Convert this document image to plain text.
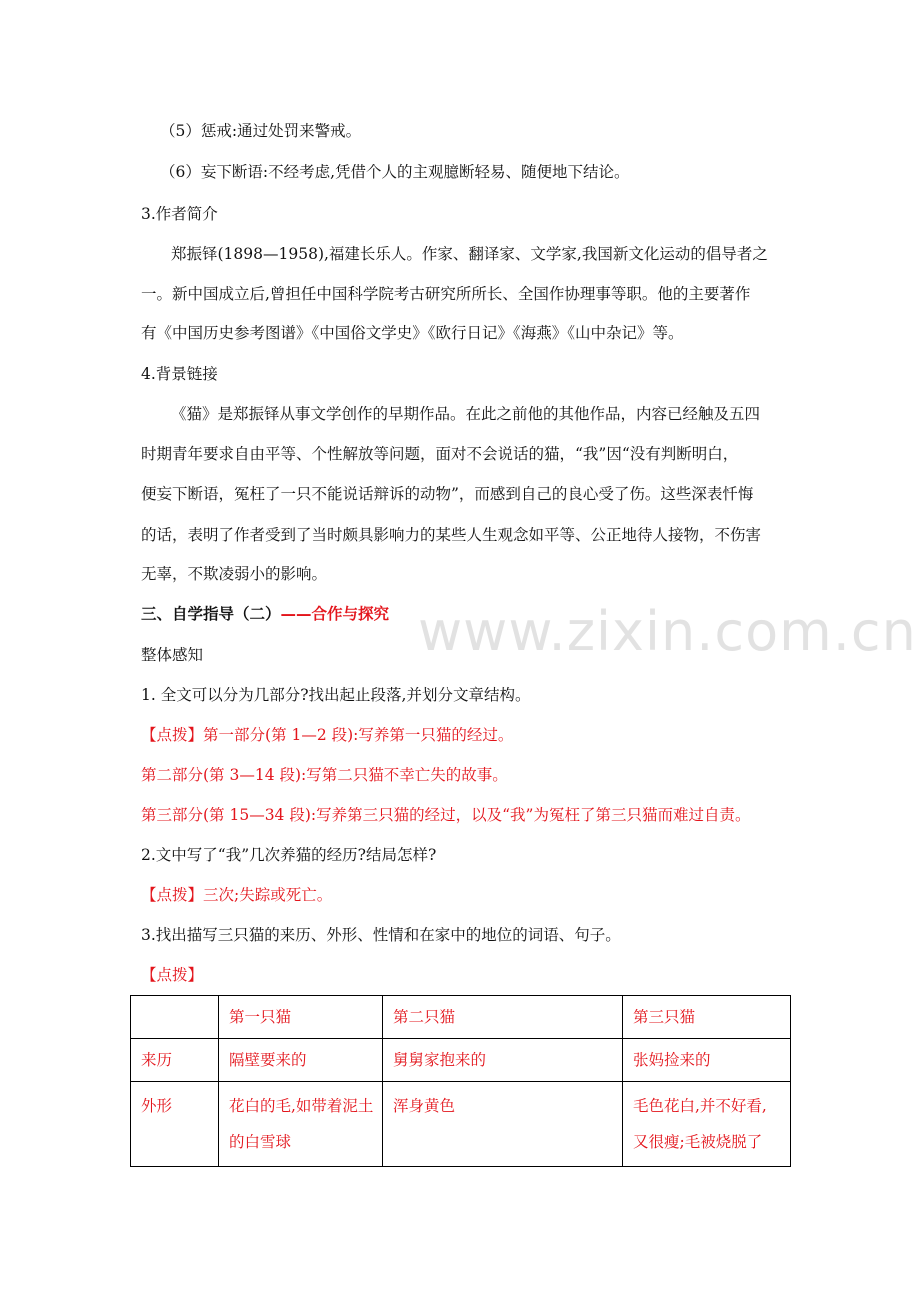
（5）惩戒:通过处罚来警戒。
（6）妄下断语:不经考虑,凭借个人的主观臆断轻易、随便地下结论。
3.作者简介
郑振铎(1898—1958),福建长乐人。作家、翻译家、文学家,我国新文化运动的倡导者之
一。新中国成立后,曾担任中国科学院考古研究所所长、全国作协理事等职。他的主要著作
有《中国历史参考图谱》《中国俗文学史》《欧行日记》《海燕》《山中杂记》等。
4.背景链接
《猫》是郑振铎从事文学创作的早期作品。在此之前他的其他作品，内容已经触及五四
时期青年要求自由平等、个性解放等问题，面对不会说话的猫，“我”因“没有判断明白，
便妄下断语，冤枉了一只不能说话辩诉的动物”，而感到自己的良心受了伤。这些深表忏悔
的话，表明了作者受到了当时颇具影响力的某些人生观念如平等、公正地待人接物，不伤害
无辜，不欺凌弱小的影响。
三、自学指导（二）——合作与探究 www.zixin.com.cn
整体感知
1. 全文可以分为几部分?找出起止段落,并划分文章结构。
【点拨】第一部分(第 1—2 段):写养第一只猫的经过。
第二部分(第 3—14 段):写第二只猫不幸亡失的故事。
第三部分(第 15—34 段):写养第三只猫的经过，以及“我”为冤枉了第三只猫而难过自责。
2.文中写了“我”几次养猫的经历?结局怎样?
【点拨】三次;失踪或死亡。
3.找出描写三只猫的来历、外形、性情和在家中的地位的词语、句子。
【点拨】
	第一只猫	第二只猫	第三只猫
来历	隔壁要来的	舅舅家抱来的	张妈捡来的
外形	花白的毛,如带着泥土的白雪球	浑身黄色	毛色花白,并不好看,又很瘦;毛被烧脱了
